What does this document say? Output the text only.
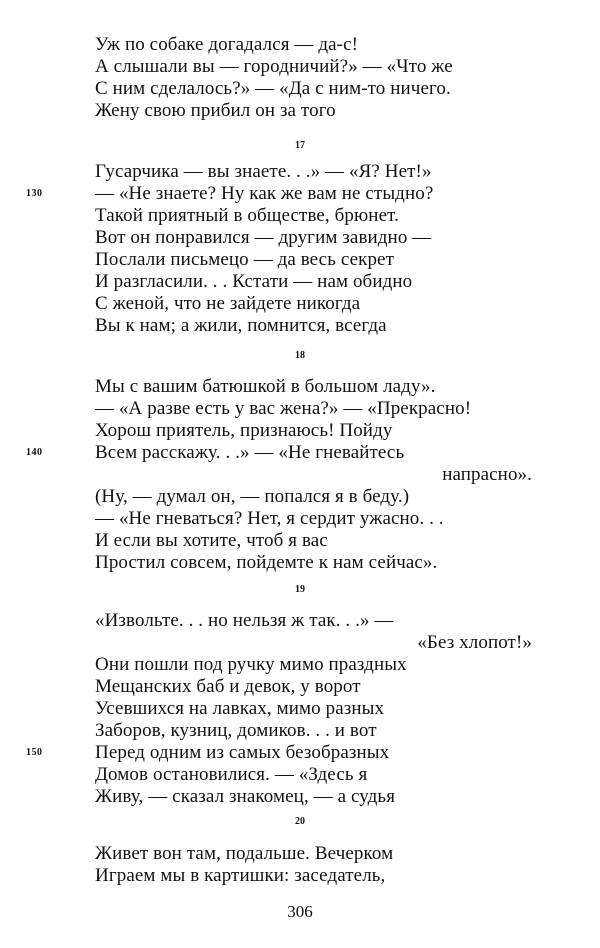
Уж по собаке догадался — да-с!
А слышали вы — городничий?» — «Что же
С ним сделалось?» — «Да с ним-то ничего.
Жену свою прибил он за того
17
Гусарчика — вы знаете. . .» — «Я? Нет!»
130	— «Не знаете? Ну как же вам не стыдно?
Такой приятный в обществе, брюнет.
Вот он понравился — другим завидно —
Послали письмецо — да весь секрет
И разгласили. . . Кстати — нам обидно
С женой, что не зайдете никогда
Вы к нам; а жили, помнится, всегда
18
Мы с вашим батюшкой в большом ладу».
— «А разве есть у вас жена?» — «Прекрасно!
Хорош приятель, признаюсь! Пойду
140	Всем расскажу. . .» — «Не гневайтесь
напрасно».
(Ну, — думал он, — попался я в беду.)
— «Не гневаться? Нет, я сердит ужасно. . .
И если вы хотите, чтоб я вас
Простил совсем, пойдемте к нам сейчас».
19
«Извольте. . . но нельзя ж так. . .» —
«Без хлопот!»
Они пошли под ручку мимо праздных
Мещанских баб и девок, у ворот
Усевшихся на лавках, мимо разных
Заборов, кузниц, домиков. . . и вот
150	Перед одним из самых безобразных
Домов остановилися. — «Здесь я
Живу, — сказал знакомец, — а судья
20
Живет вон там, подальше. Вечерком
Играем мы в картишки: заседатель,
306
